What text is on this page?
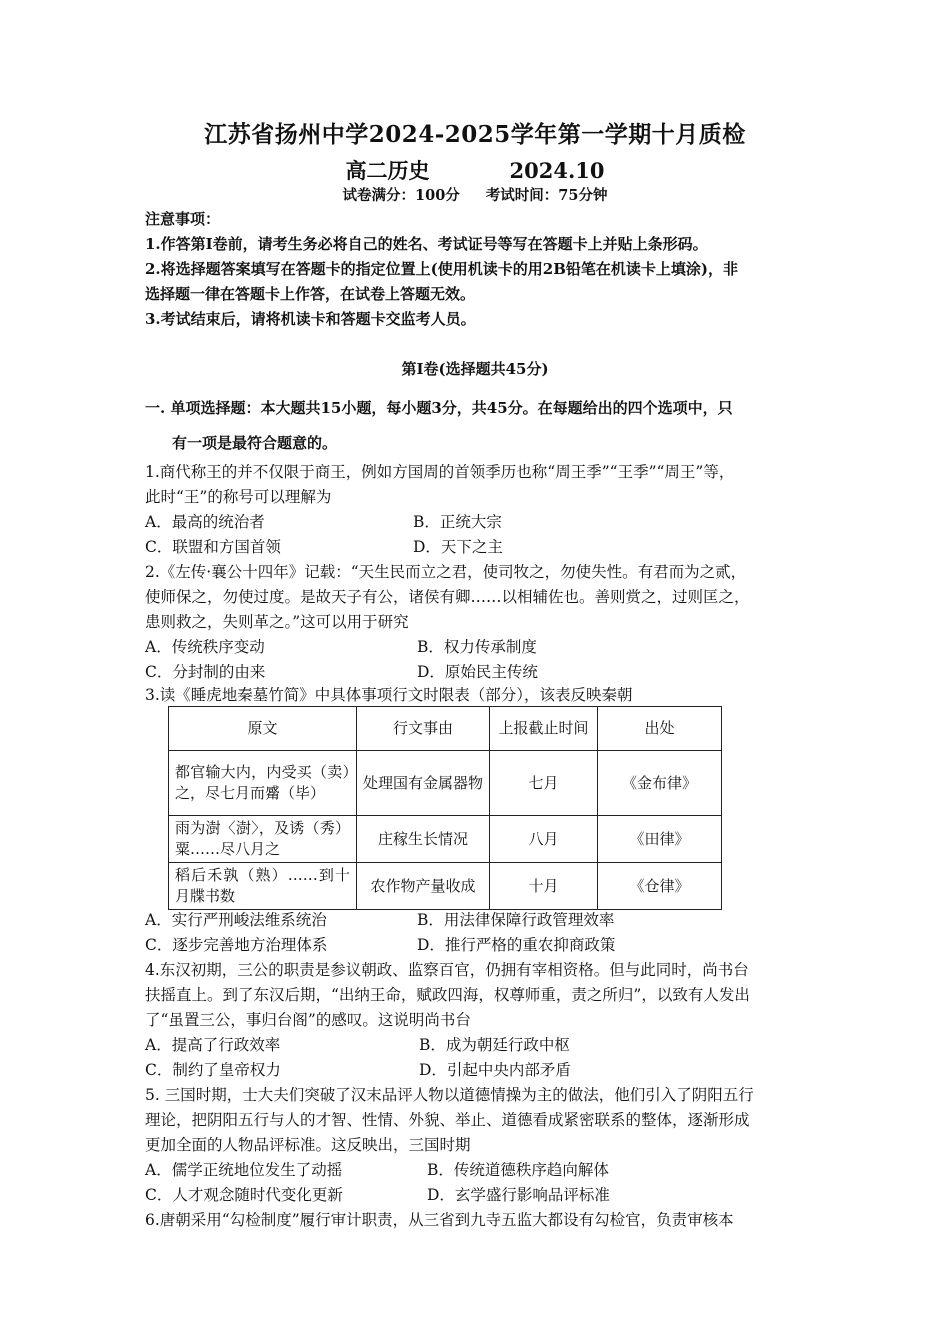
江苏省扬州中学2024-2025学年第一学期十月质检
高二历史	2024.10
试卷满分：100分 考试时间：75分钟
注意事项：
1.作答第Ⅰ卷前，请考生务必将自己的姓名、考试证号等写在答题卡上并贴上条形码。
2.将选择题答案填写在答题卡的指定位置上(使用机读卡的用2B铅笔在机读卡上填涂)，非
选择题一律在答题卡上作答，在试卷上答题无效。
3.考试结束后，请将机读卡和答题卡交监考人员。
第Ⅰ卷(选择题共45分)
一. 单项选择题：本大题共15小题，每小题3分，共45分。在每题给出的四个选项中，只
有一项是最符合题意的。
1.商代称王的并不仅限于商王，例如方国周的首领季历也称“周王季”“王季”“周王”等，
此时“王”的称号可以理解为
A．最高的统治者	B．正统大宗
C．联盟和方国首领	D．天下之主
2.《左传·襄公十四年》记载：“天生民而立之君，使司牧之，勿使失性。有君而为之贰，
使师保之，勿使过度。是故天子有公，诸侯有卿……以相辅佐也。善则赏之，过则匡之，
患则救之，失则革之。”这可以用于研究
A．传统秩序变动	B．权力传承制度
C．分封制的由来	D．原始民主传统
3.读《睡虎地秦墓竹简》中具体事项行文时限表（部分），该表反映秦朝
原文	行文事由	上报截止时间	出处
都官输大内，内受买（卖）之，尽七月而觱（毕）	处理国有金属器物	七月	《金布律》
雨为澍〈澍〉，及诱（秀）粟……尽八月之	庄稼生长情况	八月	《田律》
稻后禾孰（熟）……到十月牒书数	农作物产量收成	十月	《仓律》
A．实行严刑峻法维系统治	B．用法律保障行政管理效率
C．逐步完善地方治理体系	D．推行严格的重农抑商政策
4.东汉初期，三公的职责是参议朝政、监察百官，仍拥有宰相资格。但与此同时，尚书台
扶摇直上。到了东汉后期，“出纳王命，赋政四海，权尊师重，责之所归”，以致有人发出
了“虽置三公，事归台阁”的感叹。这说明尚书台
A．提高了行政效率	B．成为朝廷行政中枢
C．制约了皇帝权力	D．引起中央内部矛盾
5. 三国时期，士大夫们突破了汉末品评人物以道德情操为主的做法，他们引入了阴阳五行
理论，把阴阳五行与人的才智、性情、外貌、举止、道德看成紧密联系的整体，逐渐形成
更加全面的人物品评标准。这反映出，三国时期
A．儒学正统地位发生了动摇	B．传统道德秩序趋向解体
C．人才观念随时代变化更新	D．玄学盛行影响品评标准
6.唐朝采用“勾检制度”履行审计职责，从三省到九寺五监大都设有勾检官，负责审核本
